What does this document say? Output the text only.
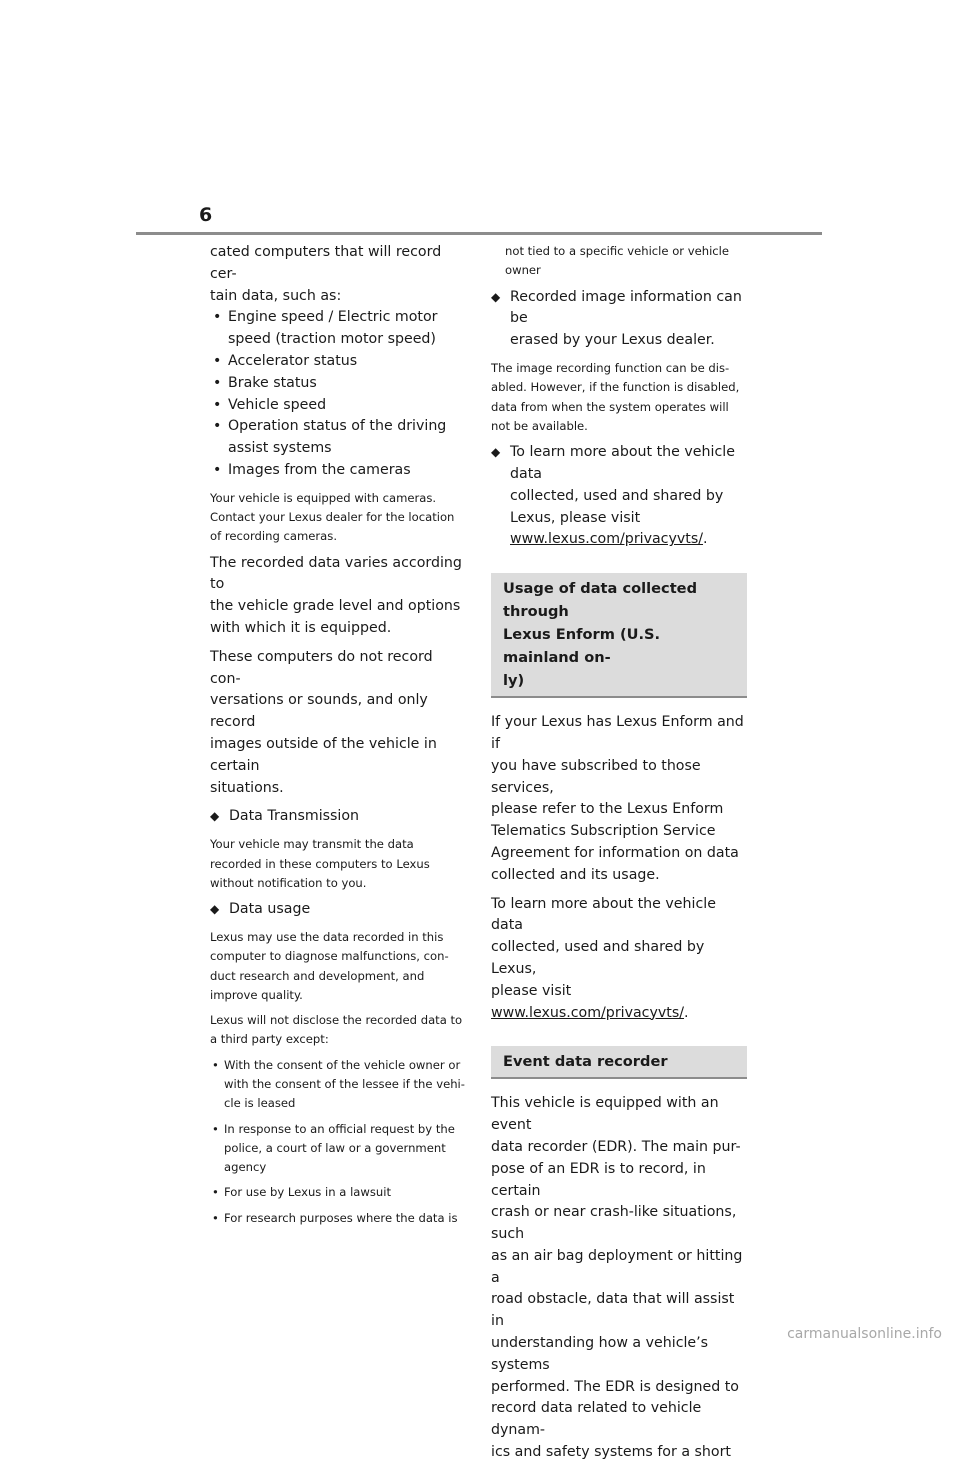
6
cated computers that will record cer-
tain data, such as:
• Engine speed / Electric motor
speed (traction motor speed)
• Accelerator status
• Brake status
• Vehicle speed
• Operation status of the driving
assist systems
• Images from the cameras
Your vehicle is equipped with cameras.
Contact your Lexus dealer for the location
of recording cameras.
The recorded data varies according to
the vehicle grade level and options
with which it is equipped.
These computers do not record con-
versations or sounds, and only record
images outside of the vehicle in certain
situations.
◆ Data Transmission
Your vehicle may transmit the data
recorded in these computers to Lexus
without notification to you.
◆ Data usage
Lexus may use the data recorded in this
computer to diagnose malfunctions, con-
duct research and development, and
improve quality.
Lexus will not disclose the recorded data to
a third party except:
• With the consent of the vehicle owner or
with the consent of the lessee if the vehi-
cle is leased
• In response to an official request by the
police, a court of law or a government
agency
• For use by Lexus in a lawsuit
• For research purposes where the data is
not tied to a specific vehicle or vehicle
owner
◆ Recorded image information can be
erased by your Lexus dealer.
The image recording function can be dis-
abled. However, if the function is disabled,
data from when the system operates will
not be available.
◆ To learn more about the vehicle data
collected, used and shared by
Lexus, please visit
www.lexus.com/privacyvts/.
Usage of data collected through
Lexus Enform (U.S. mainland on-
ly)
If your Lexus has Lexus Enform and if
you have subscribed to those services,
please refer to the Lexus Enform
Telematics Subscription Service
Agreement for information on data
collected and its usage.
To learn more about the vehicle data
collected, used and shared by Lexus,
please visit
www.lexus.com/privacyvts/.
Event data recorder
This vehicle is equipped with an event
data recorder (EDR). The main pur-
pose of an EDR is to record, in certain
crash or near crash-like situations, such
as an air bag deployment or hitting a
road obstacle, data that will assist in
understanding how a vehicle’s systems
performed. The EDR is designed to
record data related to vehicle dynam-
ics and safety systems for a short
carmanualsonline.info
